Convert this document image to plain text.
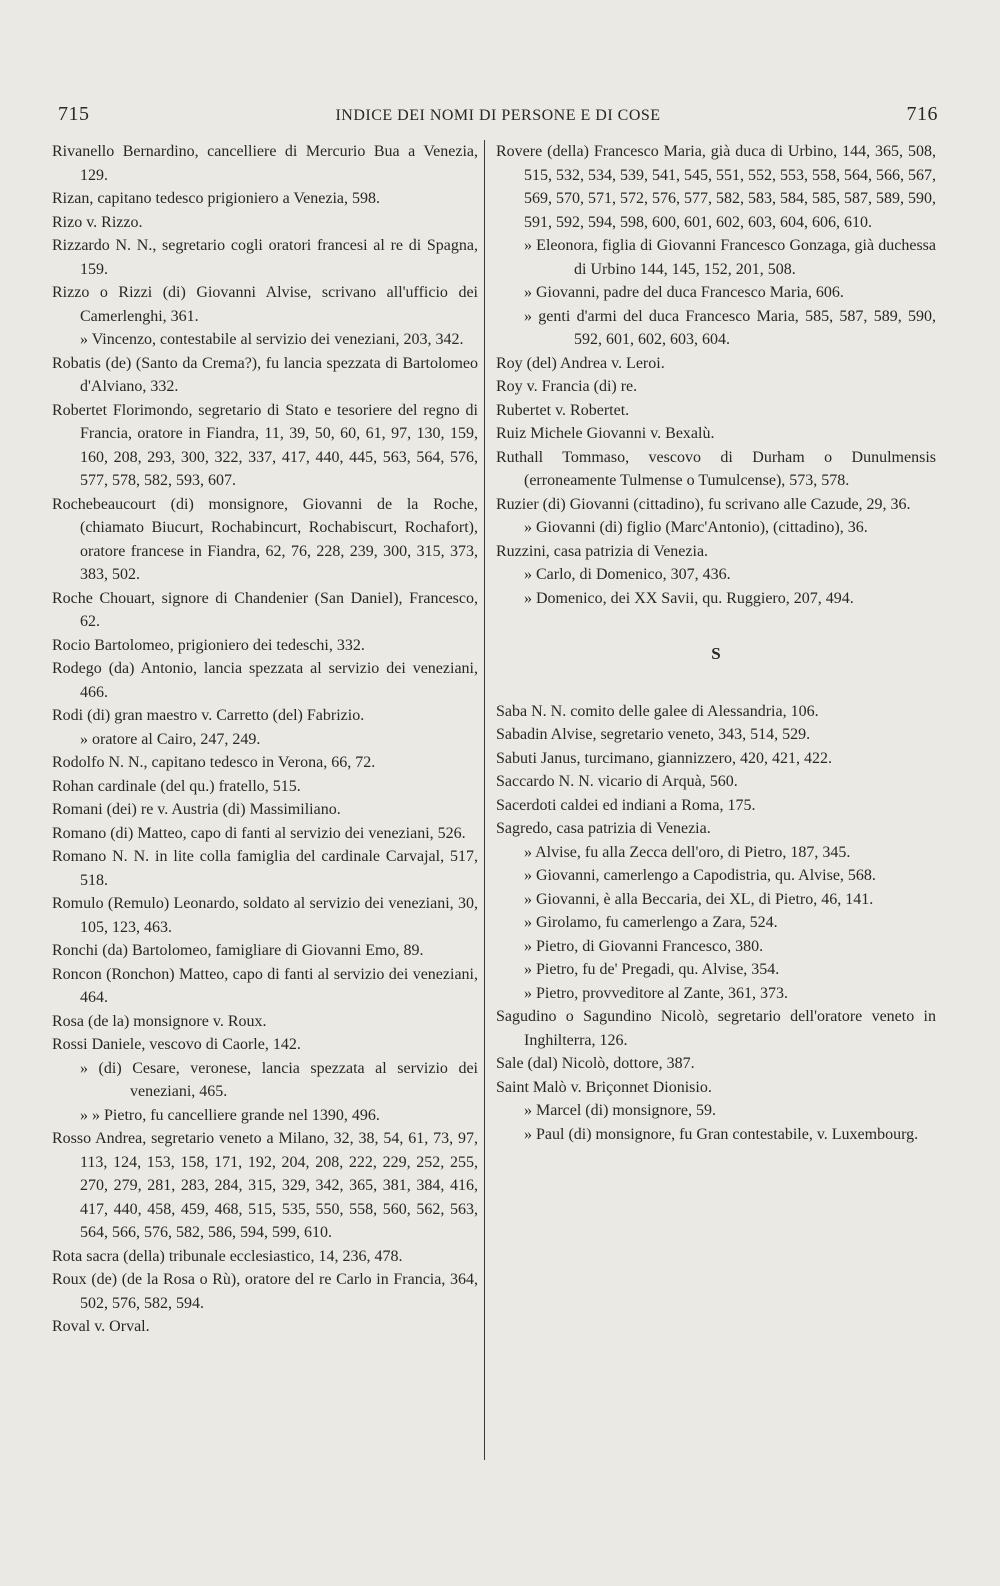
715	INDICE DEI NOMI DI PERSONE E DI COSE	716

Rivanello Bernardino, cancelliere di Mercurio Bua a Venezia, 129.

Rizan, capitano tedesco prigioniero a Venezia, 598.

Rizo v. Rizzo.

Rizzardo N. N., segretario cogli oratori francesi al re di Spagna, 159.

Rizzo o Rizzi (di) Giovanni Alvise, scrivano all'ufficio dei Camerlenghi, 361.

» Vincenzo, contestabile al servizio dei veneziani, 203, 342.

Robatis (de) (Santo da Crema?), fu lancia spezzata di Bartolomeo d'Alviano, 332.

Robertet Florimondo, segretario di Stato e tesoriere del regno di Francia, oratore in Fiandra, 11, 39, 50, 60, 61, 97, 130, 159, 160, 208, 293, 300, 322, 337, 417, 440, 445, 563, 564, 576, 577, 578, 582, 593, 607.

Rochebeaucourt (di) monsignore, Giovanni de la Roche, (chiamato Biucurt, Rochabincurt, Rochabiscurt, Rochafort), oratore francese in Fiandra, 62, 76, 228, 239, 300, 315, 373, 383, 502.

Roche Chouart, signore di Chandenier (San Daniel), Francesco, 62.

Rocio Bartolomeo, prigioniero dei tedeschi, 332.

Rodego (da) Antonio, lancia spezzata al servizio dei veneziani, 466.

Rodi (di) gran maestro v. Carretto (del) Fabrizio.

» oratore al Cairo, 247, 249.

Rodolfo N. N., capitano tedesco in Verona, 66, 72.

Rohan cardinale (del qu.) fratello, 515.

Romani (dei) re v. Austria (di) Massimiliano.

Romano (di) Matteo, capo di fanti al servizio dei veneziani, 526.

Romano N. N. in lite colla famiglia del cardinale Carvajal, 517, 518.

Romulo (Remulo) Leonardo, soldato al servizio dei veneziani, 30, 105, 123, 463.

Ronchi (da) Bartolomeo, famigliare di Giovanni Emo, 89.

Roncon (Ronchon) Matteo, capo di fanti al servizio dei veneziani, 464.

Rosa (de la) monsignore v. Roux.

Rossi Daniele, vescovo di Caorle, 142.

» (di) Cesare, veronese, lancia spezzata al servizio dei veneziani, 465.

» » Pietro, fu cancelliere grande nel 1390, 496.

Rosso Andrea, segretario veneto a Milano, 32, 38, 54, 61, 73, 97, 113, 124, 153, 158, 171, 192, 204, 208, 222, 229, 252, 255, 270, 279, 281, 283, 284, 315, 329, 342, 365, 381, 384, 416, 417, 440, 458, 459, 468, 515, 535, 550, 558, 560, 562, 563, 564, 566, 576, 582, 586, 594, 599, 610.

Rota sacra (della) tribunale ecclesiastico, 14, 236, 478.

Roux (de) (de la Rosa o Rù), oratore del re Carlo in Francia, 364, 502, 576, 582, 594.

Roval v. Orval.

Rovere (della) Francesco Maria, già duca di Urbino, 144, 365, 508, 515, 532, 534, 539, 541, 545, 551, 552, 553, 558, 564, 566, 567, 569, 570, 571, 572, 576, 577, 582, 583, 584, 585, 587, 589, 590, 591, 592, 594, 598, 600, 601, 602, 603, 604, 606, 610.

» Eleonora, figlia di Giovanni Francesco Gonzaga, già duchessa di Urbino 144, 145, 152, 201, 508.

» Giovanni, padre del duca Francesco Maria, 606.

» genti d'armi del duca Francesco Maria, 585, 587, 589, 590, 592, 601, 602, 603, 604.

Roy (del) Andrea v. Leroi.

Roy v. Francia (di) re.

Rubertet v. Robertet.

Ruiz Michele Giovanni v. Bexalù.

Ruthall Tommaso, vescovo di Durham o Dunulmensis (erroneamente Tulmense o Tumulcense), 573, 578.

Ruzier (di) Giovanni (cittadino), fu scrivano alle Cazude, 29, 36.

» Giovanni (di) figlio (Marc'Antonio), (cittadino), 36.

Ruzzini, casa patrizia di Venezia.

» Carlo, di Domenico, 307, 436.

» Domenico, dei XX Savii, qu. Ruggiero, 207, 494.

S

Saba N. N. comito delle galee di Alessandria, 106.

Sabadin Alvise, segretario veneto, 343, 514, 529.

Sabuti Janus, turcimano, giannizzero, 420, 421, 422.

Saccardo N. N. vicario di Arquà, 560.

Sacerdoti caldei ed indiani a Roma, 175.

Sagredo, casa patrizia di Venezia.

» Alvise, fu alla Zecca dell'oro, di Pietro, 187, 345.

» Giovanni, camerlengo a Capodistria, qu. Alvise, 568.

» Giovanni, è alla Beccaria, dei XL, di Pietro, 46, 141.

» Girolamo, fu camerlengo a Zara, 524.

» Pietro, di Giovanni Francesco, 380.

» Pietro, fu de' Pregadi, qu. Alvise, 354.

» Pietro, provveditore al Zante, 361, 373.

Sagudino o Sagundino Nicolò, segretario dell'oratore veneto in Inghilterra, 126.

Sale (dal) Nicolò, dottore, 387.

Saint Malò v. Briçonnet Dionisio.

» Marcel (di) monsignore, 59.

» Paul (di) monsignore, fu Gran contestabile, v. Luxembourg.
